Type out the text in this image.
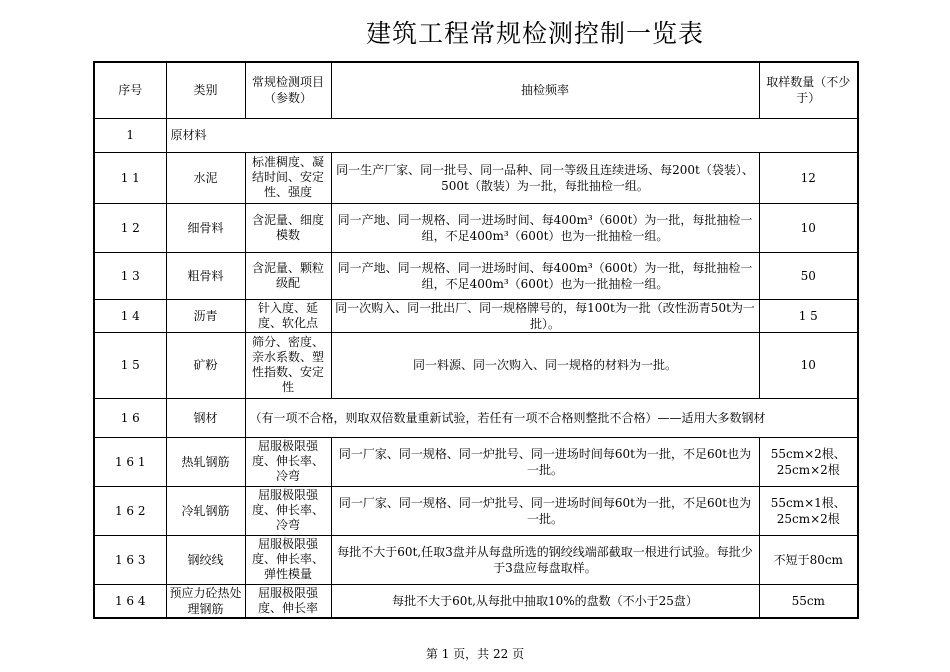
建筑工程常规检测控制一览表
序号	类别	常规检测项目（参数）	抽检频率	取样数量（不少于）
1	原材料			
1 1	水泥	标准稠度、凝结时间、安定性、强度	同一生产厂家、同一批号、同一品种、同一等级且连续进场、每200t（袋装）、500t（散装）为一批，每批抽检一组。	12
1 2	细骨料	含泥量、细度模数	同一产地、同一规格、同一进场时间、每400m³（600t）为一批，每批抽检一组，不足400m³（600t）也为一批抽检一组。	10
1 3	粗骨料	含泥量、颗粒级配	同一产地、同一规格、同一进场时间、每400m³（600t）为一批，每批抽检一组，不足400m³（600t）也为一批抽检一组。	50
1 4	沥青	针入度、延度、软化点	同一次购入、同一批出厂、同一规格牌号的，每100t为一批（改性沥青50t为一批）。	1 5
1 5	矿粉	筛分、密度、亲水系数、塑性指数、安定性	同一料源、同一次购入、同一规格的材料为一批。	10
1 6	钢材	（有一项不合格，则取双倍数量重新试验，若任有一项不合格则整批不合格）——适用大多数钢材		
1 6 1	热轧钢筋	屈服极限强度、伸长率、冷弯	同一厂家、同一规格、同一炉批号、同一进场时间每60t为一批，不足60t也为一批。	55cm×2根、25cm×2根
1 6 2	冷轧钢筋	屈服极限强度、伸长率、冷弯	同一厂家、同一规格、同一炉批号、同一进场时间每60t为一批，不足60t也为一批。	55cm×1根、25cm×2根
1 6 3	钢绞线	屈服极限强度、伸长率、弹性模量	每批不大于60t,任取3盘并从每盘所选的钢绞线端部截取一根进行试验。每批少于3盘应每盘取样。	不短于80cm
1 6 4	预应力砼热处理钢筋	屈服极限强度、伸长率	每批不大于60t,从每批中抽取10%的盘数（不小于25盘）	55cm
第 1 页，共 22 页
